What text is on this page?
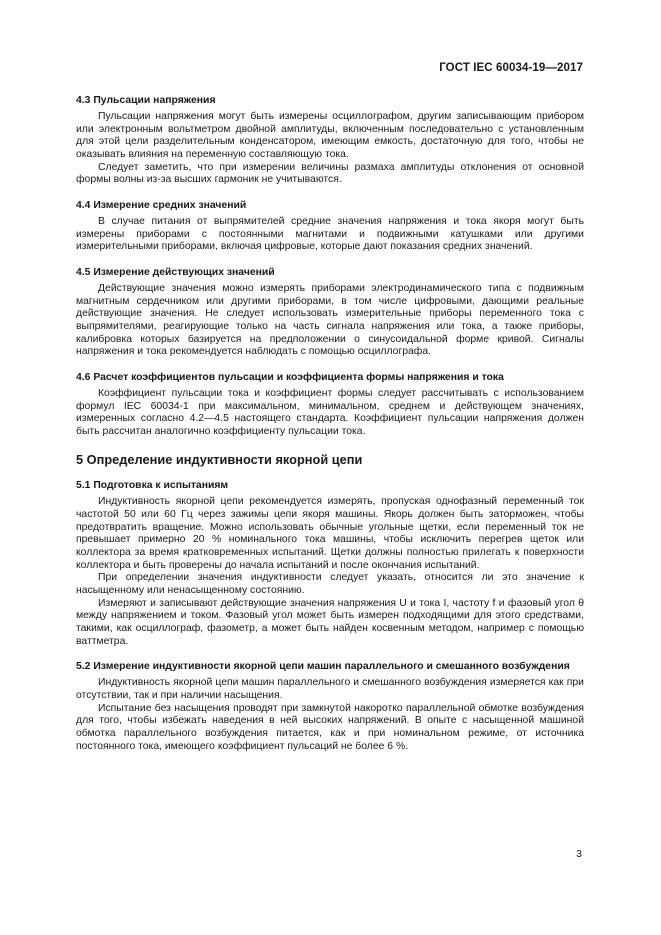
ГОСТ IEC 60034-19—2017

4.3 Пульсации напряжения

Пульсации напряжения могут быть измерены осциллографом, другим записывающим прибором или электронным вольтметром двойной амплитуды, включенным последовательно с установленным для этой цели разделительным конденсатором, имеющим емкость, достаточную для того, чтобы не оказывать влияния на переменную составляющую тока.

Следует заметить, что при измерении величины размаха амплитуды отклонения от основной формы волны из-за высших гармоник не учитываются.

4.4 Измерение средних значений

В случае питания от выпрямителей средние значения напряжения и тока якоря могут быть измерены приборами с постоянными магнитами и подвижными катушками или другими измерительными приборами, включая цифровые, которые дают показания средних значений.

4.5 Измерение действующих значений

Действующие значения можно измерять приборами электродинамического типа с подвижным магнитным сердечником или другими приборами, в том числе цифровыми, дающими реальные действующие значения. Не следует использовать измерительные приборы переменного тока с выпрямителями, реагирующие только на часть сигнала напряжения или тока, а также приборы, калибровка которых базируется на предположении о синусоидальной форме кривой. Сигналы напряжения и тока рекомендуется наблюдать с помощью осциллографа.

4.6 Расчет коэффициентов пульсации и коэффициента формы напряжения и тока

Коэффициент пульсации тока и коэффициент формы следует рассчитывать с использованием формул IEC 60034-1 при максимальном, минимальном, среднем и действующем значениях, измеренных согласно 4.2—4.5 настоящего стандарта. Коэффициент пульсации напряжения должен быть рассчитан аналогично коэффициенту пульсации тока.

5 Определение индуктивности якорной цепи

5.1 Подготовка к испытаниям

Индуктивность якорной цепи рекомендуется измерять, пропуская однофазный переменный ток частотой 50 или 60 Гц через зажимы цепи якоря машины. Якорь должен быть заторможен, чтобы предотвратить вращение. Можно использовать обычные угольные щетки, если переменный ток не превышает примерно 20 % номинального тока машины, чтобы исключить перегрев щеток или коллектора за время кратковременных испытаний. Щетки должны полностью прилегать к поверхности коллектора и быть проверены до начала испытаний и после окончания испытаний.

При определении значения индуктивности следует указать, относится ли это значение к насыщенному или ненасыщенному состоянию.

Измеряют и записывают действующие значения напряжения U и тока I, частоту f и фазовый угол θ между напряжением и током. Фазовый угол может быть измерен подходящими для этого средствами, такими, как осциллограф, фазометр, а может быть найден косвенным методом, например с помощью ваттметра.

5.2 Измерение индуктивности якорной цепи машин параллельного и смешанного возбуждения

Индуктивность якорной цепи машин параллельного и смешанного возбуждения измеряется как при отсутствии, так и при наличии насыщения.

Испытание без насыщения проводят при замкнутой накоротко параллельной обмотке возбуждения для того, чтобы избежать наведения в ней высоких напряжений. В опыте с насыщенной машиной обмотка параллельного возбуждения питается, как и при номинальном режиме, от источника постоянного тока, имеющего коэффициент пульсаций не более 6 %.

3
